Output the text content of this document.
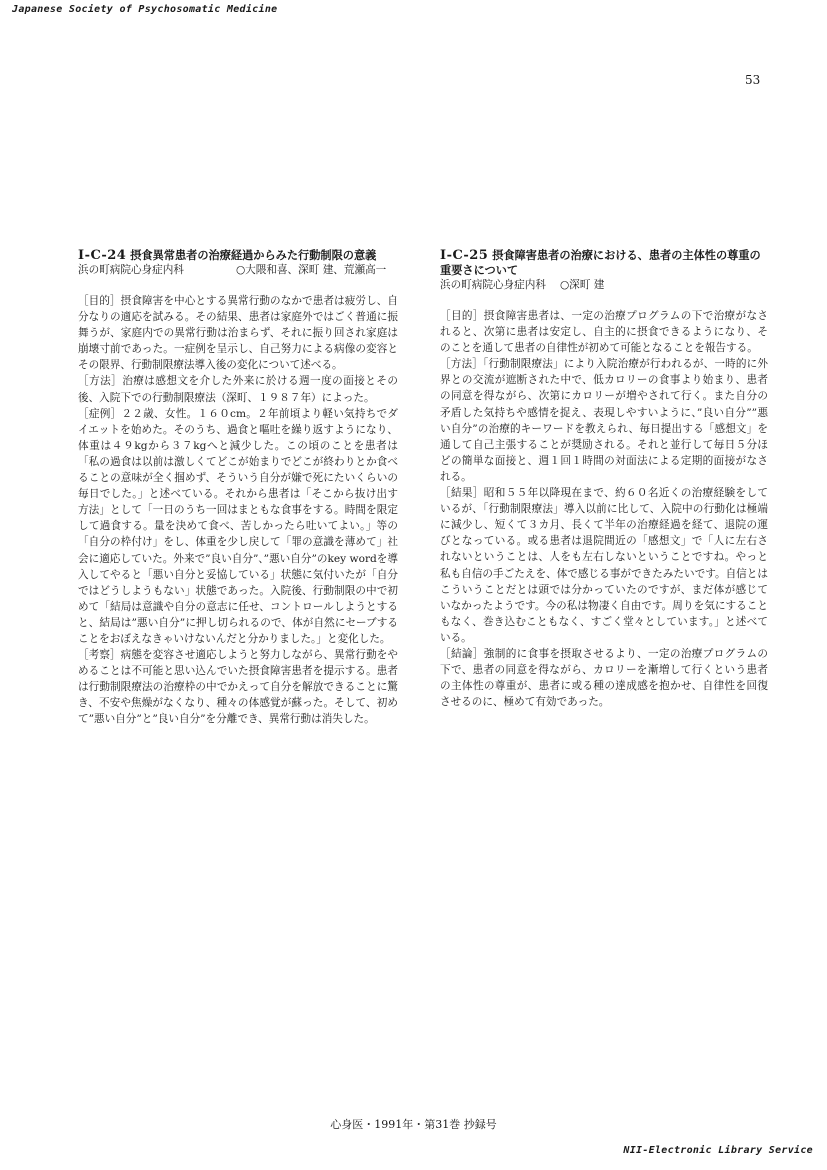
Japanese Society of Psychosomatic Medicine
53
I-C-24 摂食異常患者の治療経過からみた行動制限の意義
浜の町病院心身症内科	○大隈和喜、深町 建、荒瀬高一

［目的］摂食障害を中心とする異常行動のなかで患者は疲労し、自分なりの適応を試みる。その結果、患者は家庭外ではごく普通に振舞うが、家庭内での異常行動は治まらず、それに振り回され家庭は崩壊寸前であった。一症例を呈示し、自己努力による病像の変容とその限界、行動制限療法導入後の変化について述べる。

［方法］治療は感想文を介した外来に於ける週一度の面接とその後、入院下での行動制限療法（深町、１９８７年）によった。

［症例］２２歳、女性。１６０cm。２年前頃より軽い気持ちでダイエットを始めた。そのうち、過食と嘔吐を繰り返すようになり、体重は４９kgから３７kgへと減少した。この頃のことを患者は「私の過食は以前は激しくてどこが始まりでどこが終わりとか食べることの意味が全く掴めず、そういう自分が嫌で死にたいくらいの毎日でした。」と述べている。それから患者は「そこから抜け出す方法」として「一日のうち一回はまともな食事をする。時間を限定して過食する。量を決めて食べ、苦しかったら吐いてよい。」等の「自分の枠付け」をし、体重を少し戻して「罪の意識を薄めて」社会に適応していた。外来で”良い自分”、”悪い自分”のkey wordを導入してやると「悪い自分と妥協している」状態に気付いたが「自分ではどうしようもない」状態であった。入院後、行動制限の中で初めて「結局は意識や自分の意志に任せ、コントロールしようとすると、結局は”悪い自分”に押し切られるので、体が自然にセーブすることをおぼえなきゃいけないんだと分かりました。」と変化した。

［考察］病態を変容させ適応しようと努力しながら、異常行動をやめることは不可能と思い込んでいた摂食障害患者を提示する。患者は行動制限療法の治療枠の中でかえって自分を解放できることに驚き、不安や焦燥がなくなり、種々の体感覚が蘇った。そして、初めて”悪い自分”と”良い自分”を分離でき、異常行動は消失した。

I-C-25 摂食障害患者の治療における、患者の主体性の尊重の重要さについて
浜の町病院心身症内科 ○深町 建

［目的］摂食障害患者は、一定の治療プログラムの下で治療がなされると、次第に患者は安定し、自主的に摂食できるようになり、そのことを通して患者の自律性が初めて可能となることを報告する。

［方法］「行動制限療法」により入院治療が行われるが、一時的に外界との交流が遮断された中で、低カロリーの食事より始まり、患者の同意を得ながら、次第にカロリーが増やされて行く。また自分の矛盾した気持ちや感情を捉え、表現しやすいように、”良い自分””悪い自分”の治療的キーワードを教えられ、毎日提出する「感想文」を通して自己主張することが奨励される。それと並行して毎日５分ほどの簡単な面接と、週１回１時間の対面法による定期的面接がなされる。

［結果］昭和５５年以降現在まで、約６０名近くの治療経験をしているが、「行動制限療法」導入以前に比して、入院中の行動化は極端に減少し、短くて３カ月、長くて半年の治療経過を経て、退院の運びとなっている。或る患者は退院間近の「感想文」で「人に左右されないということは、人をも左右しないということですね。やっと私も自信の手ごたえを、体で感じる事ができたみたいです。自信とはこういうことだとは頭では分かっていたのですが、まだ体が感じていなかったようです。今の私は物凄く自由です。周りを気にすることもなく、巻き込むこともなく、すごく堂々としています。」と述べている。

［結論］強制的に食事を摂取させるより、一定の治療プログラムの下で、患者の同意を得ながら、カロリーを漸増して行くという患者の主体性の尊重が、患者に或る種の達成感を抱かせ、自律性を回復させるのに、極めて有効であった。

心身医・1991年・第31巻 抄録号
NII-Electronic Library Service
